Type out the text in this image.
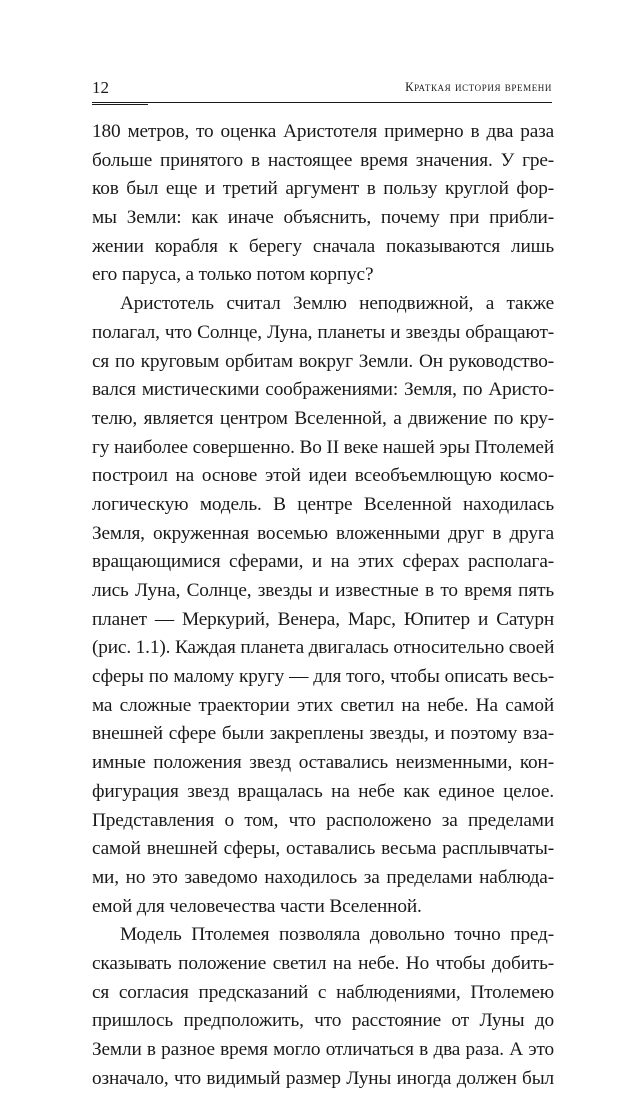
12	Краткая история времени
180 метров, то оценка Аристотеля примерно в два раза
больше принятого в настоящее время значения. У гре-
ков был еще и третий аргумент в пользу круглой фор-
мы Земли: как иначе объяснить, почему при прибли-
жении корабля к берегу сначала показываются лишь
его паруса, а только потом корпус?
Аристотель считал Землю неподвижной, а также
полагал, что Солнце, Луна, планеты и звезды обращают-
ся по круговым орбитам вокруг Земли. Он руководство-
вался мистическими соображениями: Земля, по Аристо-
телю, является центром Вселенной, а движение по кру-
гу наиболее совершенно. Во II веке нашей эры Птолемей
построил на основе этой идеи всеобъемлющую космо-
логическую модель. В центре Вселенной находилась
Земля, окруженная восемью вложенными друг в друга
вращающимися сферами, и на этих сферах располага-
лись Луна, Солнце, звезды и известные в то время пять
планет — Меркурий, Венера, Марс, Юпитер и Сатурн
(рис. 1.1). Каждая планета двигалась относительно своей
сферы по малому кругу — для того, чтобы описать весь-
ма сложные траектории этих светил на небе. На самой
внешней сфере были закреплены звезды, и поэтому вза-
имные положения звезд оставались неизменными, кон-
фигурация звезд вращалась на небе как единое целое.
Представления о том, что расположено за пределами
самой внешней сферы, оставались весьма расплывчаты-
ми, но это заведомо находилось за пределами наблюда-
емой для человечества части Вселенной.
Модель Птолемея позволяла довольно точно пред-
сказывать положение светил на небе. Но чтобы добить-
ся согласия предсказаний с наблюдениями, Птолемею
пришлось предположить, что расстояние от Луны до
Земли в разное время могло отличаться в два раза. А это
означало, что видимый размер Луны иногда должен был
